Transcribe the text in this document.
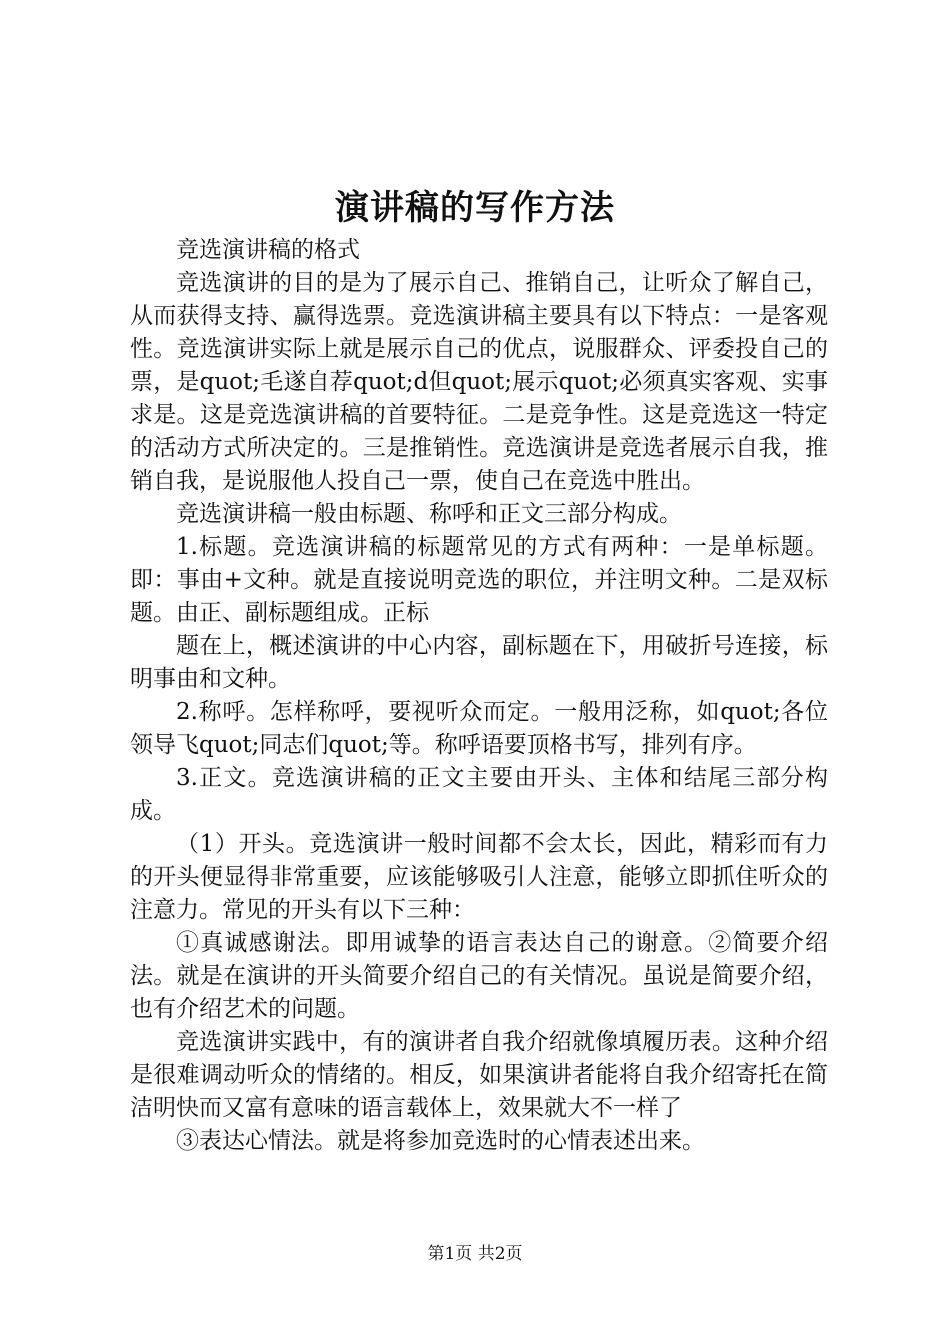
演讲稿的写作方法

竞选演讲稿的格式

竞选演讲的目的是为了展示自己、推销自己，让听众了解自己，从而获得支持、赢得选票。竞选演讲稿主要具有以下特点：一是客观性。竞选演讲实际上就是展示自己的优点，说服群众、评委投自己的票，是quot;毛遂自荐quot;d但quot;展示quot;必须真实客观、实事求是。这是竞选演讲稿的首要特征。二是竞争性。这是竞选这一特定的活动方式所决定的。三是推销性。竞选演讲是竞选者展示自我，推销自我，是说服他人投自己一票，使自己在竞选中胜出。

竞选演讲稿一般由标题、称呼和正文三部分构成。

1.标题。竞选演讲稿的标题常见的方式有两种：一是单标题。即：事由+文种。就是直接说明竞选的职位，并注明文种。二是双标题。由正、副标题组成。正标

题在上，概述演讲的中心内容，副标题在下，用破折号连接，标明事由和文种。

2.称呼。怎样称呼，要视听众而定。一般用泛称，如quot;各位领导飞quot;同志们quot;等。称呼语要顶格书写，排列有序。

3.正文。竞选演讲稿的正文主要由开头、主体和结尾三部分构成。

（1）开头。竞选演讲一般时间都不会太长，因此，精彩而有力的开头便显得非常重要，应该能够吸引人注意，能够立即抓住听众的注意力。常见的开头有以下三种：

①真诚感谢法。即用诚挚的语言表达自己的谢意。②简要介绍法。就是在演讲的开头简要介绍自己的有关情况。虽说是简要介绍，也有介绍艺术的问题。

竞选演讲实践中，有的演讲者自我介绍就像填履历表。这种介绍是很难调动听众的情绪的。相反，如果演讲者能将自我介绍寄托在简洁明快而又富有意味的语言载体上，效果就大不一样了

③表达心情法。就是将参加竞选时的心情表述出来。

第1页 共2页
